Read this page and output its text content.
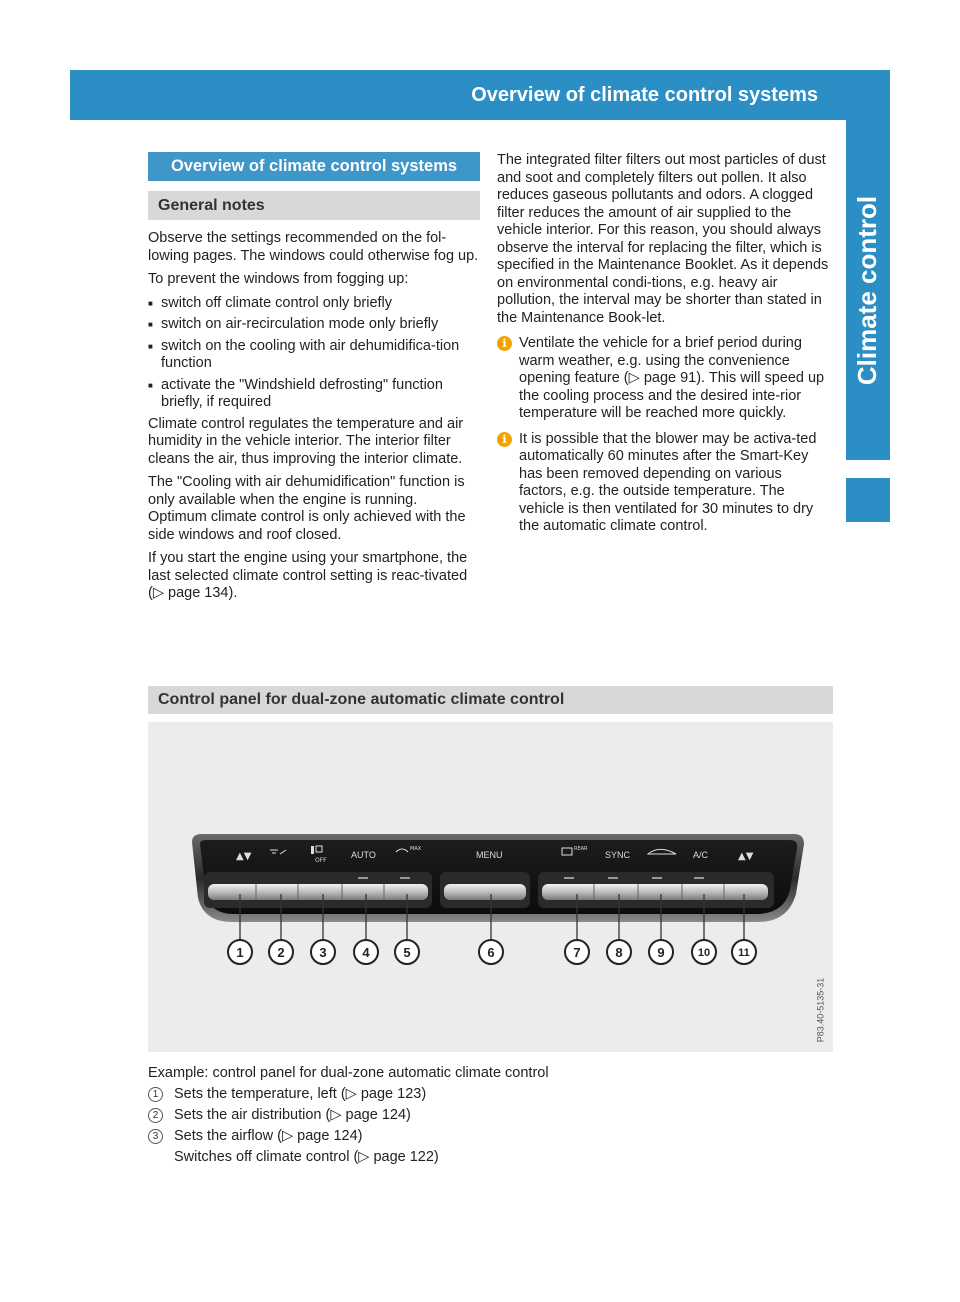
Overview of climate control systems	119
Climate control
Overview of climate control systems
General notes

Observe the settings recommended on the fol-lowing pages. The windows could otherwise fog up.

To prevent the windows from fogging up:

■ switch off climate control only briefly
■ switch on air-recirculation mode only briefly
■ switch on the cooling with air dehumidifica-tion function
■ activate the "Windshield defrosting" function briefly, if required

Climate control regulates the temperature and air humidity in the vehicle interior. The interior filter cleans the air, thus improving the interior climate.

The "Cooling with air dehumidification" function is only available when the engine is running. Optimum climate control is only achieved with the side windows and roof closed.

If you start the engine using your smartphone, the last selected climate control setting is reac-tivated (▷ page 134).

The integrated filter filters out most particles of dust and soot and completely filters out pollen. It also reduces gaseous pollutants and odors. A clogged filter reduces the amount of air supplied to the vehicle interior. For this reason, you should always observe the interval for replacing the filter, which is specified in the Maintenance Booklet. As it depends on environmental condi-tions, e.g. heavy air pollution, the interval may be shorter than stated in the Maintenance Book-let.

i Ventilate the vehicle for a brief period during warm weather, e.g. using the convenience opening feature (▷ page 91). This will speed up the cooling process and the desired inte-rior temperature will be reached more quickly.
i It is possible that the blower may be activa-ted automatically 60 minutes after the Smart-Key has been removed depending on various factors, e.g. the outside temperature. The vehicle is then ventilated for 30 minutes to dry the automatic climate control.
Control panel for dual-zone automatic climate control
▲▼	OFF
AUTO
MAX
MENU
REAR
SYNC	A/C	▲▼
1	2	3	4	5	6	7	8	9	10	11
P83.40-5135-31
Example: control panel for dual-zone automatic climate control
1	Sets the temperature, left (▷ page 123)
2	Sets the air distribution (▷ page 124)
3	Sets the airflow (▷ page 124)
Switches off climate control (▷ page 122)
